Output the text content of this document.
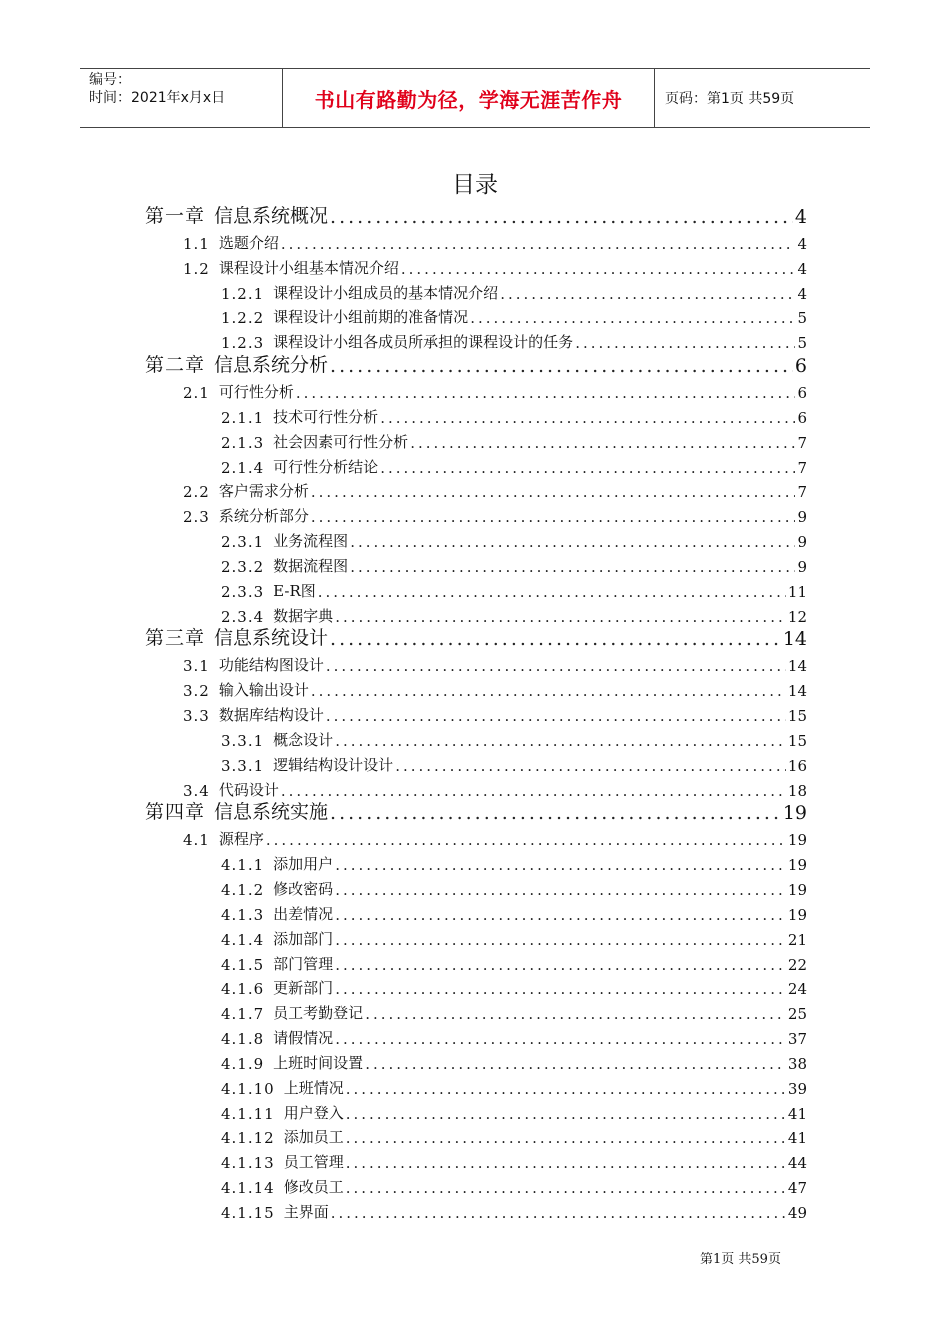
编号：
时间：2021年x月x日	书山有路勤为径，学海无涯苦作舟	页码：第1页 共59页
目录
第一章 信息系统概况 .....	4
1.1 选题介绍 .....	4
1.2 课程设计小组基本情况介绍 .....	4
1.2.1 课程设计小组成员的基本情况介绍 .....	4
1.2.2 课程设计小组前期的准备情况 .....	5
1.2.3 课程设计小组各成员所承担的课程设计的任务 .....	5
第二章 信息系统分析 .....	6
2.1 可行性分析 .....	6
2.1.1 技术可行性分析 .....	6
2.1.3 社会因素可行性分析 .....	7
2.1.4 可行性分析结论 .....	7
2.2 客户需求分析 .....	7
2.3 系统分析部分 .....	9
2.3.1 业务流程图 .....	9
2.3.2 数据流程图 .....	9
2.3.3 E-R图 .....	11
2.3.4 数据字典 .....	12
第三章 信息系统设计 .....	14
3.1 功能结构图设计 .....	14
3.2 输入输出设计 .....	14
3.3 数据库结构设计 .....	15
3.3.1 概念设计 .....	15
3.3.1 逻辑结构设计设计 .....	16
3.4 代码设计 .....	18
第四章 信息系统实施 .....	19
4.1 源程序 .....	19
4.1.1 添加用户 .....	19
4.1.2 修改密码 .....	19
4.1.3 出差情况 .....	19
4.1.4 添加部门 .....	21
4.1.5 部门管理 .....	22
4.1.6 更新部门 .....	24
4.1.7 员工考勤登记 .....	25
4.1.8 请假情况 .....	37
4.1.9 上班时间设置 .....	38
4.1.10 上班情况 .....	39
4.1.11 用户登入 .....	41
4.1.12 添加员工 .....	41
4.1.13 员工管理 .....	44
4.1.14 修改员工 .....	47
4.1.15 主界面 .....	49
第1页 共59页
